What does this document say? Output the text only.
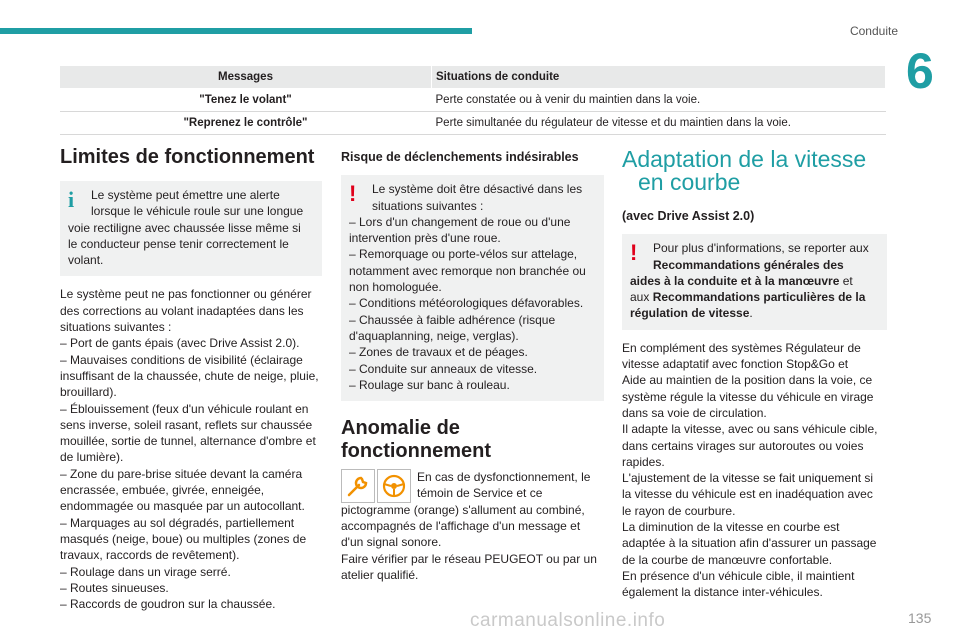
Conduite
6
Messages	Situations de conduite
"Tenez le volant"	Perte constatée ou à venir du maintien dans la voie.
"Reprenez le contrôle"	Perte simultanée du régulateur de vitesse et du maintien dans la voie.
Limites de fonctionnement
i	Le système peut émettre une alerte
lorsque le véhicule roule sur une longue
voie rectiligne avec chaussée lisse même si
le conducteur pense tenir correctement le
volant.
Le système peut ne pas fonctionner ou générer
des corrections au volant inadaptées dans les
situations suivantes :
– Port de gants épais (avec Drive Assist 2.0).
– Mauvaises conditions de visibilité (éclairage
insuffisant de la chaussée, chute de neige, pluie,
brouillard).
– Éblouissement (feux d'un véhicule roulant en
sens inverse, soleil rasant, reflets sur chaussée
mouillée, sortie de tunnel, alternance d'ombre et
de lumière).
– Zone du pare-brise située devant la caméra
encrassée, embuée, givrée, enneigée,
endommagée ou masquée par un autocollant.
– Marquages au sol dégradés, partiellement
masqués (neige, boue) ou multiples (zones de
travaux, raccords de revêtement).
– Roulage dans un virage serré.
– Routes sinueuses.
– Raccords de goudron sur la chaussée.
Risque de déclenchements indésirables
!	Le système doit être désactivé dans les
situations suivantes :
– Lors d'un changement de roue ou d'une
intervention près d'une roue.
– Remorquage ou porte-vélos sur attelage,
notamment avec remorque non branchée ou
non homologuée.
– Conditions météorologiques défavorables.
– Chaussée à faible adhérence (risque
d'aquaplanning, neige, verglas).
– Zones de travaux et de péages.
– Conduite sur anneaux de vitesse.
– Roulage sur banc à rouleau.
Anomalie de
fonctionnement
En cas de dysfonctionnement, le
témoin de Service et ce
pictogramme (orange) s'allument au combiné,
accompagnés de l'affichage d'un message et
d'un signal sonore.
Faire vérifier par le réseau PEUGEOT ou par un
atelier qualifié.
Adaptation de la vitesse
en courbe
(avec Drive Assist 2.0)
!	Pour plus d'informations, se reporter aux
Recommandations générales des
aides à la conduite et à la manœuvre et
aux Recommandations particulières de la
régulation de vitesse.
En complément des systèmes Régulateur de
vitesse adaptatif avec fonction Stop&Go et
Aide au maintien de la position dans la voie, ce
système régule la vitesse du véhicule en virage
dans sa voie de circulation.
Il adapte la vitesse, avec ou sans véhicule cible,
dans certains virages sur autoroutes ou voies
rapides.
L'ajustement de la vitesse se fait uniquement si
la vitesse du véhicule est en inadéquation avec
le rayon de courbure.
La diminution de la vitesse en courbe est
adaptée à la situation afin d'assurer un passage
de la courbe de manœuvre confortable.
En présence d'un véhicule cible, il maintient
également la distance inter-véhicules.
carmanualsonline.info	135
